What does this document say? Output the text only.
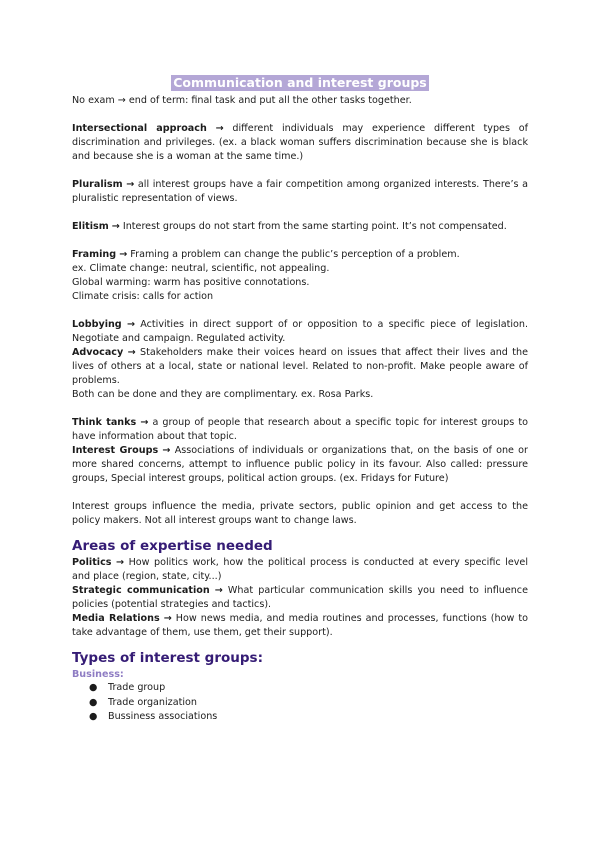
Communication and interest groups

No exam → end of term: final task and put all the other tasks together.

Intersectional approach → different individuals may experience different types of discrimination and privileges. (ex. a black woman suffers discrimination because she is black and because she is a woman at the same time.)

Pluralism → all interest groups have a fair competition among organized interests. There’s a pluralistic representation of views.

Elitism → Interest groups do not start from the same starting point. It’s not compensated.

Framing → Framing a problem can change the public’s perception of a problem.

ex. Climate change: neutral, scientific, not appealing.

Global warming: warm has positive connotations.

Climate crisis: calls for action

Lobbying → Activities in direct support of or opposition to a specific piece of legislation. Negotiate and campaign. Regulated activity.

Advocacy → Stakeholders make their voices heard on issues that affect their lives and the lives of others at a local, state or national level. Related to non-profit. Make people aware of problems.

Both can be done and they are complimentary. ex. Rosa Parks.

Think tanks → a group of people that research about a specific topic for interest groups to have information about that topic.

Interest Groups → Associations of individuals or organizations that, on the basis of one or more shared concerns, attempt to influence public policy in its favour. Also called: pressure groups, Special interest groups, political action groups. (ex. Fridays for Future)

Interest groups influence the media, private sectors, public opinion and get access to the policy makers. Not all interest groups want to change laws.

Areas of expertise needed

Politics → How politics work, how the political process is conducted at every specific level and place (region, state, city...)

Strategic communication → What particular communication skills you need to influence policies (potential strategies and tactics).

Media Relations → How news media, and media routines and processes, functions (how to take advantage of them, use them, get their support).

Types of interest groups:

Business:

● Trade group
● Trade organization
● Bussiness associations
